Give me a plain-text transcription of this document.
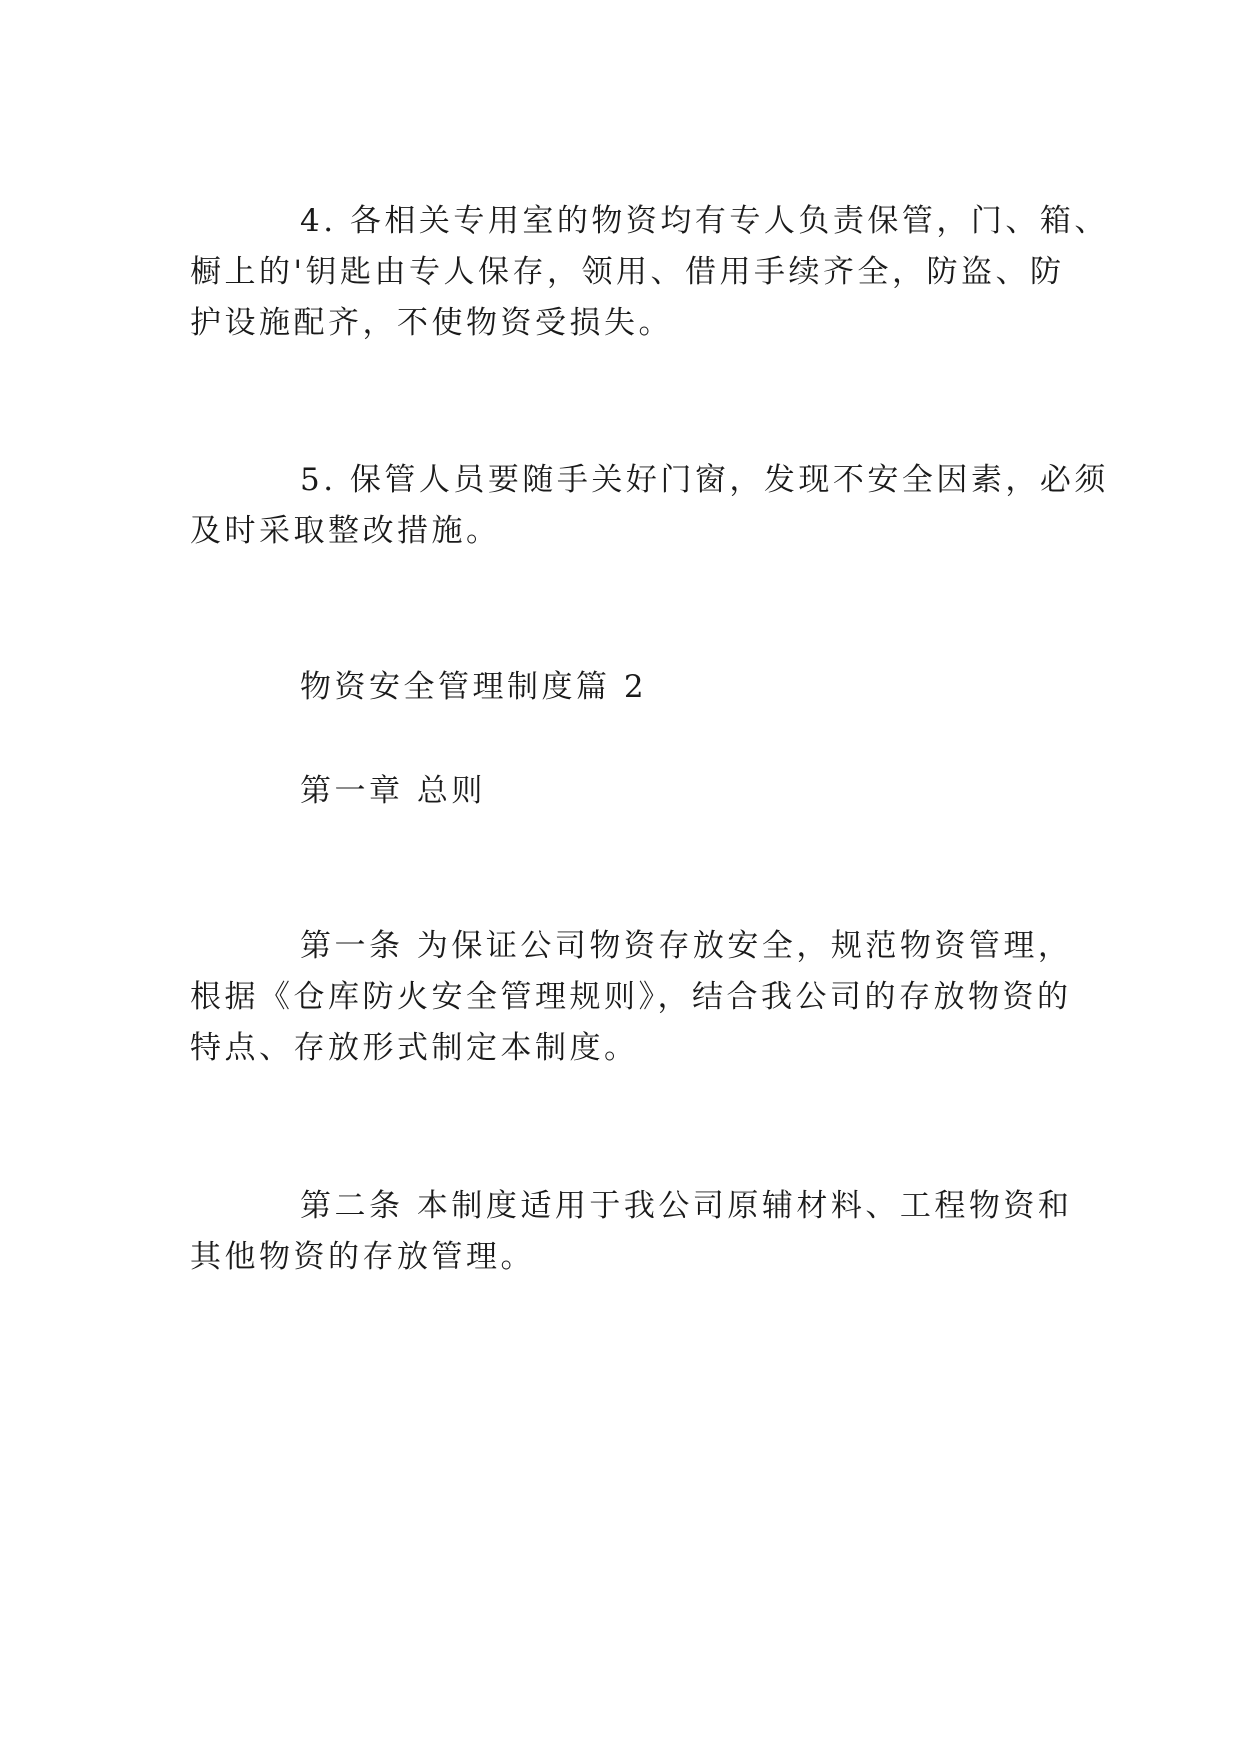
4. 各相关专用室的物资均有专人负责保管，门、箱、
橱上的'钥匙由专人保存，领用、借用手续齐全，防盗、防
护设施配齐，不使物资受损失。
5. 保管人员要随手关好门窗，发现不安全因素，必须
及时采取整改措施。
物资安全管理制度篇 2
第一章 总则
第一条 为保证公司物资存放安全，规范物资管理，
根据《仓库防火安全管理规则》，结合我公司的存放物资的
特点、存放形式制定本制度。
第二条 本制度适用于我公司原辅材料、工程物资和
其他物资的存放管理。
